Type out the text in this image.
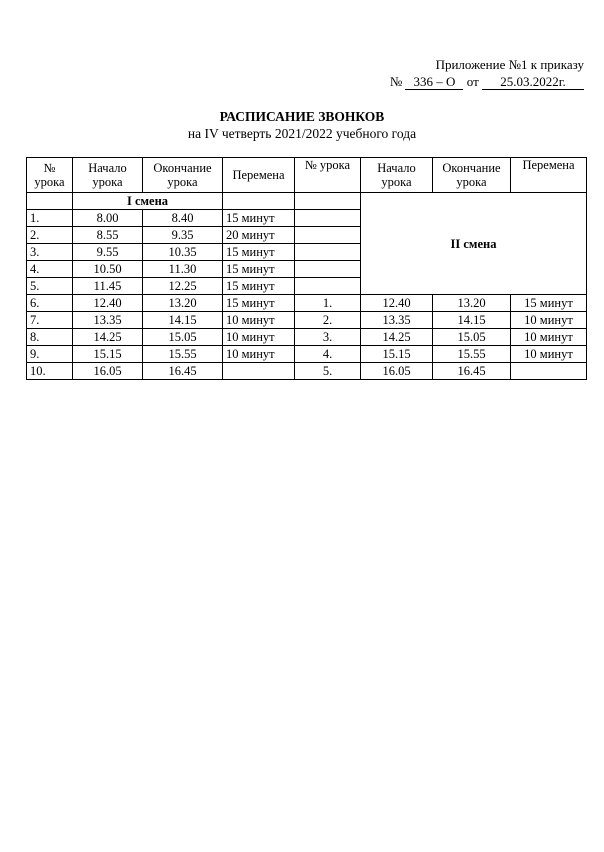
Приложение №1 к приказу
№ 336 – О от 25.03.2022г.
РАСПИСАНИЕ ЗВОНКОВ
на IV четверть 2021/2022 учебного года
№ урока	Начало урока	Окончание урока	Перемена	№ урока	Начало урока	Окончание урока	Перемена
	I смена				II смена		
1.	8.00	8.40	15 минут				
2.	8.55	9.35	20 минут				
3.	9.55	10.35	15 минут				
4.	10.50	11.30	15 минут				
5.	11.45	12.25	15 минут				
6.	12.40	13.20	15 минут	1.	12.40	13.20	15 минут
7.	13.35	14.15	10 минут	2.	13.35	14.15	10 минут
8.	14.25	15.05	10 минут	3.	14.25	15.05	10 минут
9.	15.15	15.55	10 минут	4.	15.15	15.55	10 минут
10.	16.05	16.45		5.	16.05	16.45	
